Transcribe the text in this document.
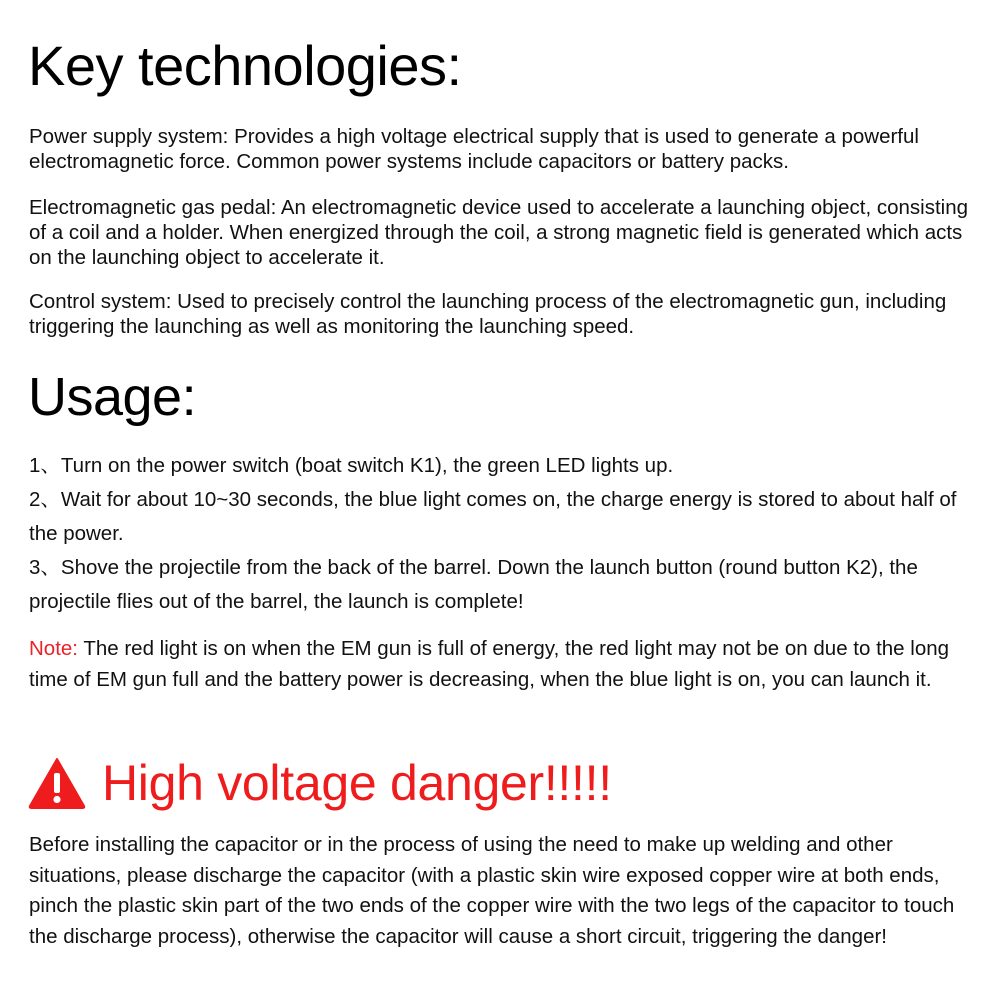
Key technologies:

Power supply system: Provides a high voltage electrical supply that is used to generate a powerful electromagnetic force. Common power systems include capacitors or battery packs.

Electromagnetic gas pedal: An electromagnetic device used to accelerate a launching object, consisting of a coil and a holder. When energized through the coil, a strong magnetic field is generated which acts on the launching object to accelerate it.

Control system: Used to precisely control the launching process of the electromagnetic gun, including triggering the launching as well as monitoring the launching speed.

Usage:
1、Turn on the power switch (boat switch K1), the green LED lights up.
2、Wait for about 10~30 seconds, the blue light comes on, the charge energy is stored to about half of the power.
3、Shove the projectile from the back of the barrel. Down the launch button (round button K2), the projectile flies out of the barrel, the launch is complete!

Note: The red light is on when the EM gun is full of energy, the red light may not be on due to the long time of EM gun full and the battery power is decreasing, when the blue light is on, you can launch it.

High voltage danger!!!!!

Before installing the capacitor or in the process of using the need to make up welding and other situations, please discharge the capacitor (with a plastic skin wire exposed copper wire at both ends, pinch the plastic skin part of the two ends of the copper wire with the two legs of the capacitor to touch the discharge process), otherwise the capacitor will cause a short circuit, triggering the danger!
